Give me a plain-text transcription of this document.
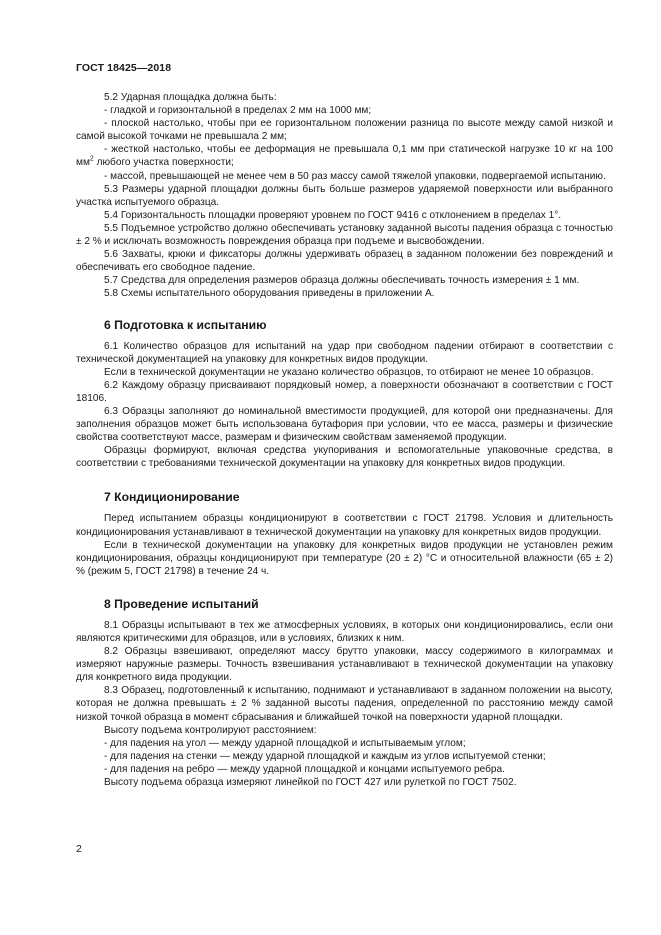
ГОСТ 18425—2018

5.2 Ударная площадка должна быть:

- гладкой и горизонтальной в пределах 2 мм на 1000 мм;

- плоской настолько, чтобы при ее горизонтальном положении разница по высоте между самой низкой и самой высокой точками не превышала 2 мм;

- жесткой настолько, чтобы ее деформация не превышала 0,1 мм при статической нагрузке 10 кг на 100 $мм^2$ любого участка поверхности;

- массой, превышающей не менее чем в 50 раз массу самой тяжелой упаковки, подвергаемой испытанию.

5.3 Размеры ударной площадки должны быть больше размеров ударяемой поверхности или выбранного участка испытуемого образца.

5.4 Горизонтальность площадки проверяют уровнем по ГОСТ 9416 с отклонением в пределах 1°.

5.5 Подъемное устройство должно обеспечивать установку заданной высоты падения образца с точностью ± 2 % и исключать возможность повреждения образца при подъеме и высвобождении.

5.6 Захваты, крюки и фиксаторы должны удерживать образец в заданном положении без повреждений и обеспечивать его свободное падение.

5.7 Средства для определения размеров образца должны обеспечивать точность измерения ± 1 мм.

5.8 Схемы испытательного оборудования приведены в приложении А.

6 Подготовка к испытанию

6.1 Количество образцов для испытаний на удар при свободном падении отбирают в соответствии с технической документацией на упаковку для конкретных видов продукции.

Если в технической документации не указано количество образцов, то отбирают не менее 10 образцов.

6.2 Каждому образцу присваивают порядковый номер, а поверхности обозначают в соответствии с ГОСТ 18106.

6.3 Образцы заполняют до номинальной вместимости продукцией, для которой они предназначены. Для заполнения образцов может быть использована бутафория при условии, что ее масса, размеры и физические свойства соответствуют массе, размерам и физическим свойствам заменяемой продукции.

Образцы формируют, включая средства укупоривания и вспомогательные упаковочные средства, в соответствии с требованиями технической документации на упаковку для конкретных видов продукции.

7 Кондиционирование

Перед испытанием образцы кондиционируют в соответствии с ГОСТ 21798. Условия и длительность кондиционирования устанавливают в технической документации на упаковку для конкретных видов продукции.

Если в технической документации на упаковку для конкретных видов продукции не установлен режим кондиционирования, образцы кондиционируют при температуре (20 ± 2) °С и относительной влажности (65 ± 2) % (режим 5, ГОСТ 21798) в течение 24 ч.

8 Проведение испытаний

8.1 Образцы испытывают в тех же атмосферных условиях, в которых они кондиционировались, если они являются критическими для образцов, или в условиях, близких к ним.

8.2 Образцы взвешивают, определяют массу брутто упаковки, массу содержимого в килограммах и измеряют наружные размеры. Точность взвешивания устанавливают в технической документации на упаковку для конкретного вида продукции.

8.3 Образец, подготовленный к испытанию, поднимают и устанавливают в заданном положении на высоту, которая не должна превышать ± 2 % заданной высоты падения, определенной по расстоянию между самой низкой точкой образца в момент сбрасывания и ближайшей точкой на поверхности ударной площадки.

Высоту подъема контролируют расстоянием:

- для падения на угол — между ударной площадкой и испытываемым углом;

- для падения на стенки — между ударной площадкой и каждым из углов испытуемой стенки;

- для падения на ребро — между ударной площадкой и концами испытуемого ребра.

Высоту подъема образца измеряют линейкой по ГОСТ 427 или рулеткой по ГОСТ 7502.

2
